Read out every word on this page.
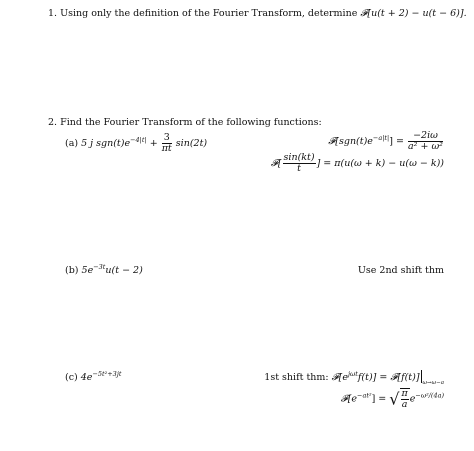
1. Using only the definition of the Fourier Transform, determine 𝓕[u(t + 2) − u(t − 6)].
2. Find the Fourier Transform of the following functions:
(a) 5 j $sgn(t)e^{-4|t|} + \frac{3}{\pi t} \sin(2t)$	$𝓕[sgn(t)e^{-a|t|}] = \frac{-2i\omega}{\text{a² + ω²}}$
𝓕[ $\frac{\sin(kt)}{t}$ ] = π(u(ω + k) − u(ω − k))
(b) $5e^{-3t}u(t - 2)$	Use 2nd shift thm
(c) $4e^{-5t^2+3jt}$	1st shift thm: $𝓕[e^{j\omega t}f(t)]$ = 𝓕[f(t)] $_{\omega\to\omega-a}$
$𝓕[e^{-at^2}]$ = √ $\frac{\pi}{a} e^{-\omega^2/(4a)}$
